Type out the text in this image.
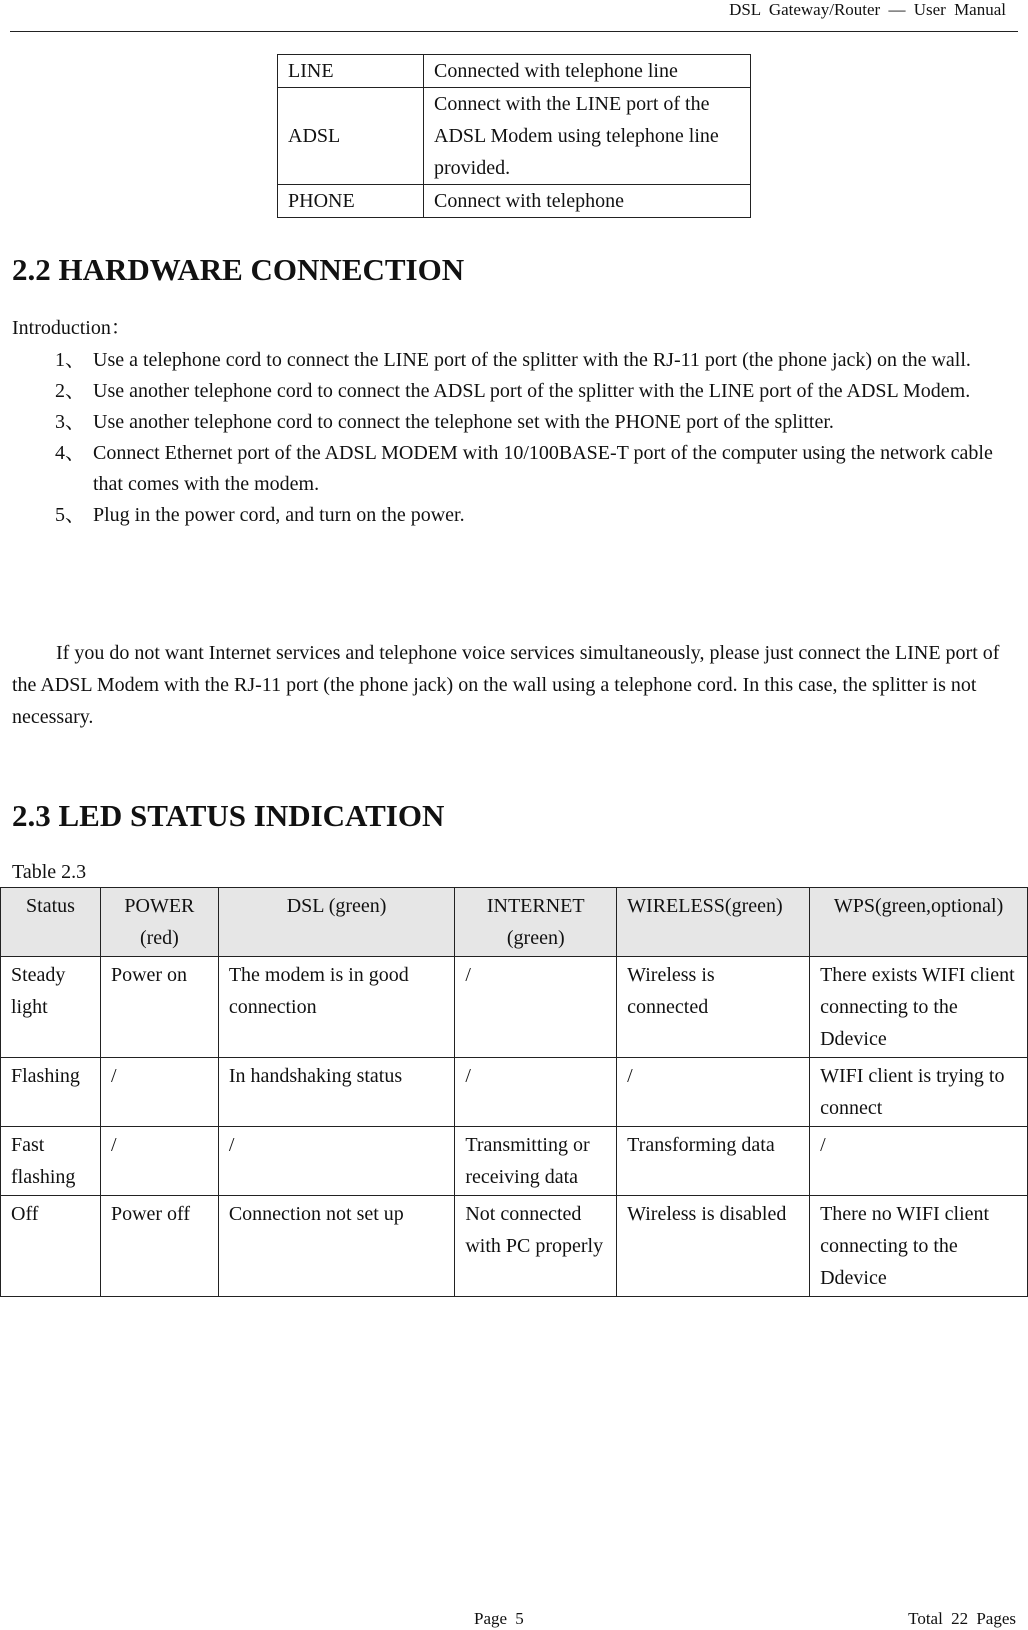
DSL Gateway/Router — User Manual
LINE	Connected with telephone line
ADSL	Connect with the LINE port of the ADSL Modem using telephone line provided.
PHONE	Connect with telephone
2.2 HARDWARE CONNECTION

Introduction：

1、 Use a telephone cord to connect the LINE port of the splitter with the RJ-11 port (the phone jack) on the wall.
2、 Use another telephone cord to connect the ADSL port of the splitter with the LINE port of the ADSL Modem.
3、 Use another telephone cord to connect the telephone set with the PHONE port of the splitter.
4、 Connect Ethernet port of the ADSL MODEM with 10/100BASE-T port of the computer using the network cable that comes with the modem.
5、 Plug in the power cord, and turn on the power.

If you do not want Internet services and telephone voice services simultaneously, please just connect the LINE port of the ADSL Modem with the RJ-11 port (the phone jack) on the wall using a telephone cord. In this case, the splitter is not necessary.

2.3 LED STATUS INDICATION

Table 2.3

Status	POWER (red)	DSL (green)	INTERNET (green)	WIRELESS(green)	WPS(green,optional)
Steady light	Power on	The modem is in good connection	/	Wireless is connected	There exists WIFI client connecting to the Ddevice
Flashing	/	In handshaking status	/	/	WIFI client is trying to connect
Fast flashing	/	/	Transmitting or receiving data	Transforming data	/
Off	Power off	Connection not set up	Not connected with PC properly	Wireless is disabled	There no WIFI client connecting to the Ddevice
Page 5	Total 22 Pages
